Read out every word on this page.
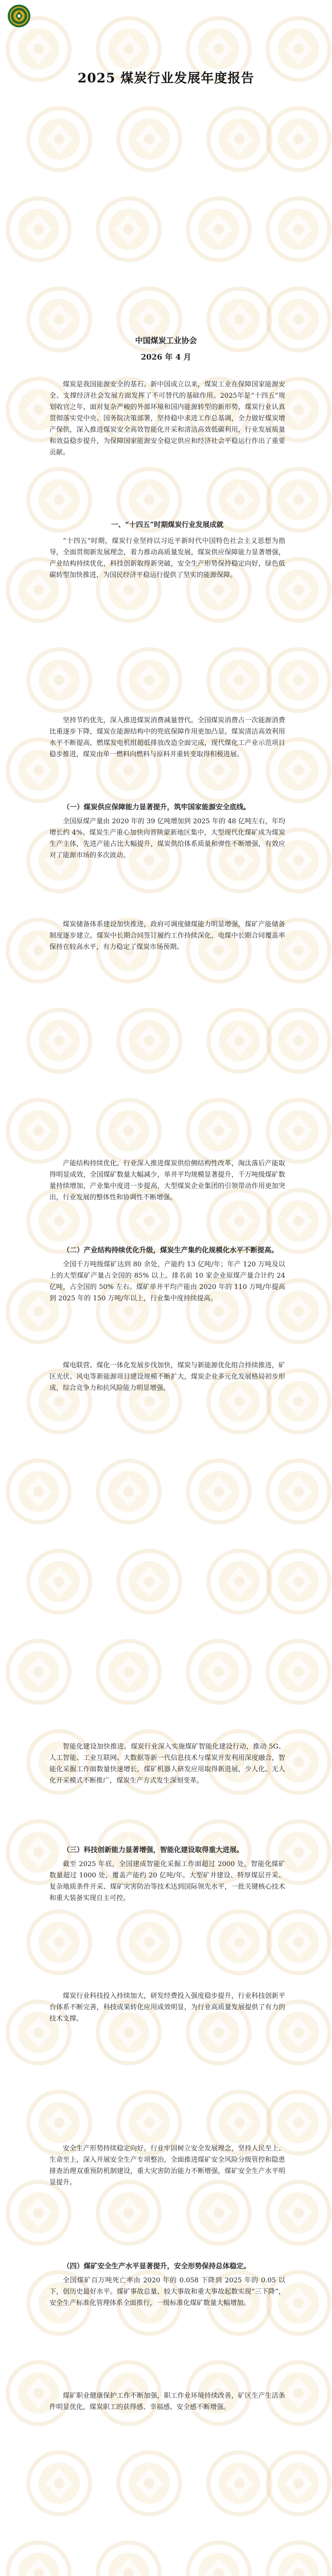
2025 煤炭行业发展年度报告
中国煤炭工业协会
2026 年 4 月

煤炭是我国能源安全的基石。新中国成立以来，煤炭工业在保障国家能源安全、支撑经济社会发展方面发挥了不可替代的基础作用。2025年是“十四五”规划收官之年，面对复杂严峻的外部环境和国内能源转型的新形势，煤炭行业认真贯彻落实党中央、国务院决策部署，坚持稳中求进工作总基调，全力做好煤炭增产保供，深入推进煤炭安全高效智能化开采和清洁高效低碳利用，行业发展质量和效益稳步提升，为保障国家能源安全稳定供应和经济社会平稳运行作出了重要贡献。

一、“十四五”时期煤炭行业发展成就

“十四五”时期，煤炭行业坚持以习近平新时代中国特色社会主义思想为指导，全面贯彻新发展理念，着力推动高质量发展，煤炭供应保障能力显著增强，产业结构持续优化，科技创新取得新突破，安全生产形势保持稳定向好，绿色低碳转型加快推进，为国民经济平稳运行提供了坚实的能源保障。

坚持节约优先，深入推进煤炭消费减量替代。全国煤炭消费占一次能源消费比重逐步下降，煤炭在能源结构中的兜底保障作用更加凸显。煤炭清洁高效利用水平不断提高，燃煤发电机组超低排放改造全面完成，现代煤化工产业示范项目稳步推进，煤炭由单一燃料向燃料与原料并重转变取得积极进展。

（一）煤炭供应保障能力显著提升，筑牢国家能源安全底线。

全国原煤产量由 2020 年的 39 亿吨增加到 2025 年的 48 亿吨左右，年均增长约 4%。煤炭生产重心加快向晋陕蒙新地区集中，大型现代化煤矿成为煤炭生产主体，先进产能占比大幅提升，煤炭供给体系质量和弹性不断增强，有效应对了能源市场的多次波动。

煤炭储备体系建设加快推进，政府可调度储煤能力明显增强，煤矿产能储备制度逐步建立。煤炭中长期合同签订履约工作持续深化，电煤中长期合同覆盖率保持在较高水平，有力稳定了煤炭市场预期。

产能结构持续优化。行业深入推进煤炭供给侧结构性改革，淘汰落后产能取得明显成效，全国煤矿数量大幅减少，单井平均规模显著提升，千万吨级煤矿数量持续增加，产业集中度进一步提高，大型煤炭企业集团的引领带动作用更加突出，行业发展的整体性和协调性不断增强。

（二）产业结构持续优化升级，煤炭生产集约化规模化水平不断提高。

全国千万吨级煤矿达到 80 余处，产能约 13 亿吨/年；年产 120 万吨及以上的大型煤矿产量占全国的 85% 以上。排名前 10 家企业原煤产量合计约 24 亿吨，占全国的 50% 左右。煤矿单井平均产能由 2020 年的 110 万吨/年提高到 2025 年的 150 万吨/年以上，行业集中度持续提高。

煤电联营、煤化一体化发展步伐加快，煤炭与新能源优化组合持续推进，矿区光伏、风电等新能源项目建设规模不断扩大，煤炭企业多元化发展格局初步形成，综合竞争力和抗风险能力明显增强。

智能化建设加快推进。煤炭行业深入实施煤矿智能化建设行动，推动 5G、人工智能、工业互联网、大数据等新一代信息技术与煤炭开发利用深度融合，智能化采掘工作面数量快速增长，煤矿机器人研发应用取得新进展，少人化、无人化开采模式不断推广，煤炭生产方式发生深刻变革。

（三）科技创新能力显著增强，智能化建设取得重大进展。

截至 2025 年底，全国建成智能化采掘工作面超过 2000 处，智能化煤矿数量超过 1000 处，覆盖产能约 20 亿吨/年。大型矿井建设、特厚煤层开采、复杂地质条件开采、煤矿灾害防治等技术达到国际领先水平，一批关键核心技术和重大装备实现自主可控。

煤炭行业科技投入持续加大，研发经费投入强度稳步提升，行业科技创新平台体系不断完善，科技成果转化应用成效明显，为行业高质量发展提供了有力的技术支撑。

安全生产形势持续稳定向好。行业牢固树立安全发展理念，坚持人民至上、生命至上，深入开展安全生产专项整治，全面推进煤矿安全风险分级管控和隐患排查治理双重预防机制建设，重大灾害防治能力不断增强，煤矿安全生产水平明显提升。

（四）煤矿安全生产水平显著提升，安全形势保持总体稳定。

全国煤矿百万吨死亡率由 2020 年的 0.058 下降到 2025 年的 0.05 以下，创历史最好水平。煤矿事故总量、较大事故和重大事故起数实现“三下降”，安全生产标准化管理体系全面推行，一级标准化煤矿数量大幅增加。

煤矿职业健康保护工作不断加强，职工作业环境持续改善，矿区生产生活条件明显优化，煤炭职工的获得感、幸福感、安全感不断增强。
